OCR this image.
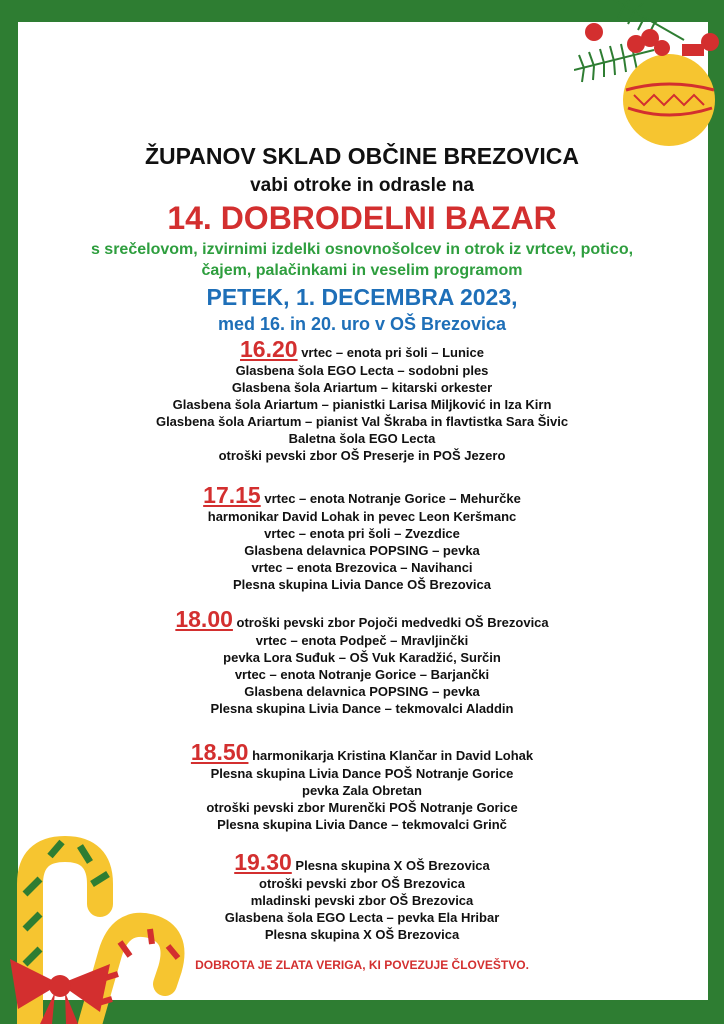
ŽUPANOV SKLAD OBČINE BREZOVICA
vabi otroke in odrasle na
14. DOBRODELNI BAZAR
s srečelovom, izvirnimi izdelki osnovnošolcev in otrok iz vrtcev, potico,
čajem, palačinkami in veselim programom
PETEK, 1. DECEMBRA 2023,
med 16. in 20. uro v OŠ Brezovica
16.20 vrtec – enota pri šoli – Lunice
Glasbena šola EGO Lecta – sodobni ples
Glasbena šola Ariartum – kitarski orkester
Glasbena šola Ariartum – pianistki Larisa Miljković in Iza Kirn
Glasbena šola Ariartum – pianist Val Škraba in flavtistka Sara Šivic
Baletna šola EGO Lecta
otroški pevski zbor OŠ Preserje in POŠ Jezero
17.15 vrtec – enota Notranje Gorice – Mehurčke
harmonikar David Lohak in pevec Leon Keršmanc
vrtec – enota pri šoli – Zvezdice
Glasbena delavnica POPSING – pevka
vrtec – enota Brezovica – Navihanci
Plesna skupina Livia Dance OŠ Brezovica
18.00 otroški pevski zbor Pojoči medvedki OŠ Brezovica
vrtec – enota Podpeč – Mravljinčki
pevka Lora Suđuk – OŠ Vuk Karadžić, Surčin
vrtec – enota Notranje Gorice – Barjančki
Glasbena delavnica POPSING – pevka
Plesna skupina Livia Dance – tekmovalci Aladdin
18.50 harmonikarja Kristina Klančar in David Lohak
Plesna skupina Livia Dance POŠ Notranje Gorice
pevka Zala Obretan
otroški pevski zbor Murenčki POŠ Notranje Gorice
Plesna skupina Livia Dance – tekmovalci Grinč
19.30 Plesna skupina X OŠ Brezovica
otroški pevski zbor OŠ Brezovica
mladinski pevski zbor OŠ Brezovica
Glasbena šola EGO Lecta – pevka Ela Hribar
Plesna skupina X OŠ Brezovica
DOBROTA JE ZLATA VERIGA, KI POVEZUJE ČLOVEŠTVO.
